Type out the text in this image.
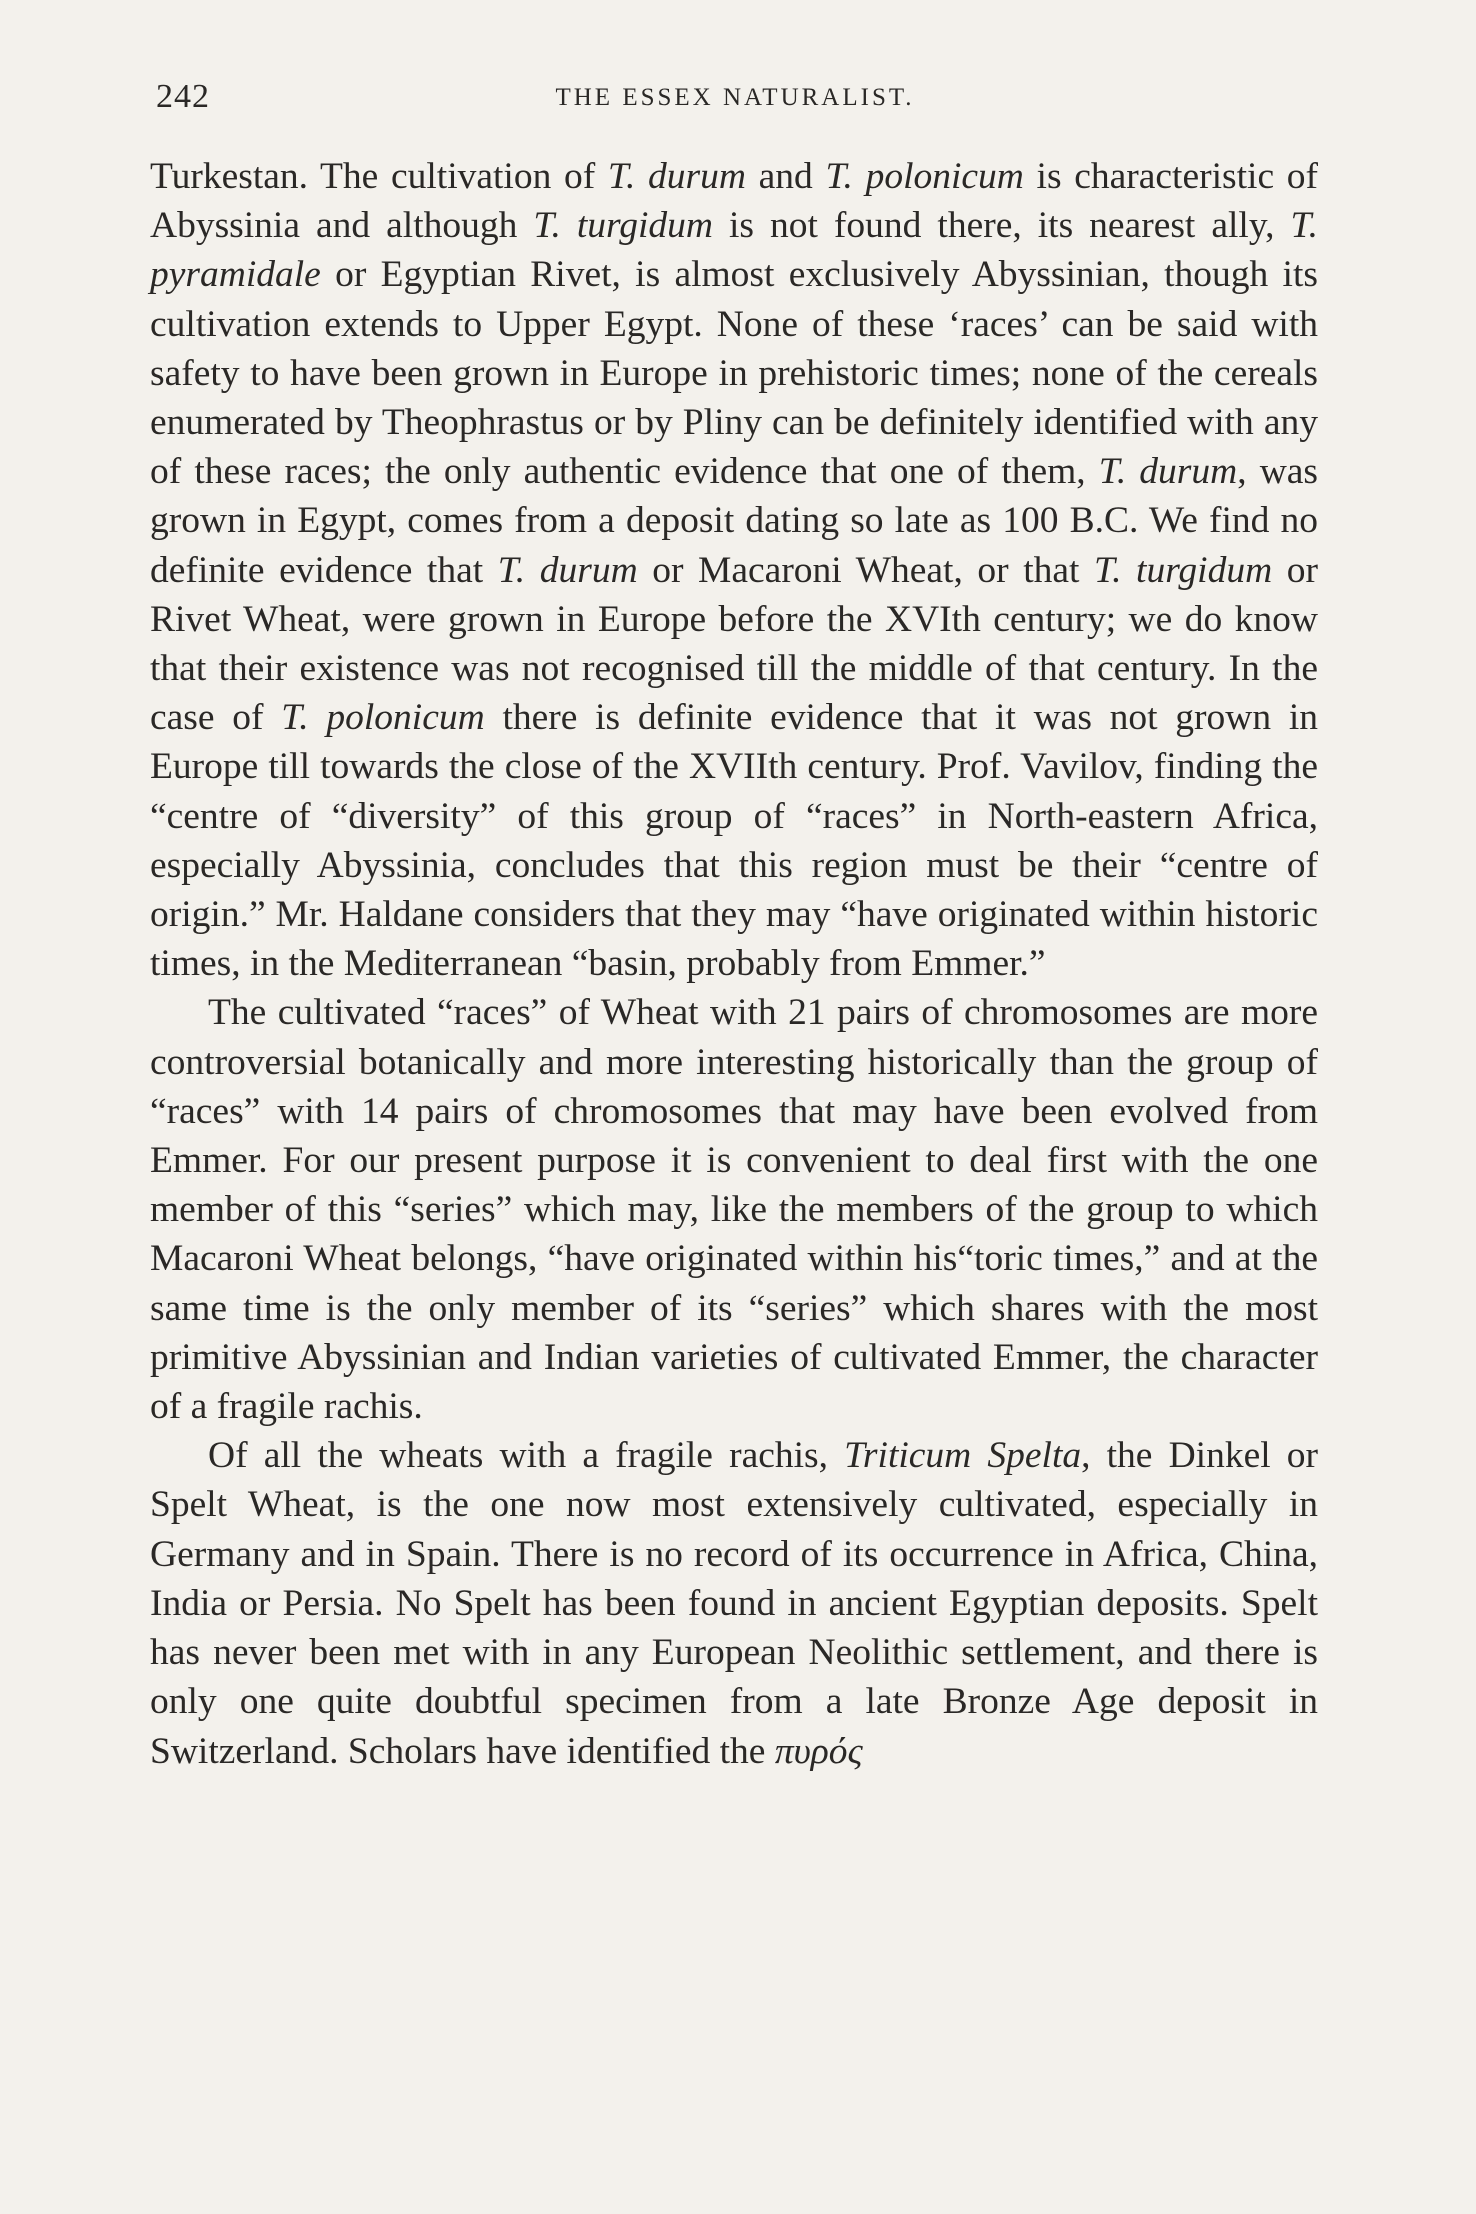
242	THE ESSEX NATURALIST.

Turkestan. The cultivation of T. durum and T. polonicum is characteristic of Abyssinia and although T. turgidum is not found there, its nearest ally, T. pyramidale or Egyptian Rivet, is almost exclusively Abyssinian, though its cultivation extends to Upper Egypt. None of these ‘races’ can be said with safety to have been grown in Europe in prehistoric times; none of the cereals enumerated by Theophrastus or by Pliny can be definitely identified with any of these races; the only authentic evidence that one of them, T. durum, was grown in Egypt, comes from a deposit dating so late as 100 B.C. We find no definite evidence that T. durum or Macaroni Wheat, or that T. turgidum or Rivet Wheat, were grown in Europe before the XVIth century; we do know that their existence was not recognised till the middle of that century. In the case of T. polonicum there is definite evidence that it was not grown in Europe till towards the close of the XVIIth century. Prof. Vavilov, finding the “centre of “diversity” of this group of “races” in North-eastern Africa, especially Abyssinia, concludes that this region must be their “centre of origin.” Mr. Haldane considers that they may “have originated within historic times, in the Mediterranean “basin, probably from Emmer.”

The cultivated “races” of Wheat with 21 pairs of chromosomes are more controversial botanically and more interesting historically than the group of “races” with 14 pairs of chromosomes that may have been evolved from Emmer. For our present purpose it is convenient to deal first with the one member of this “series” which may, like the members of the group to which Macaroni Wheat belongs, “have originated within his“toric times,” and at the same time is the only member of its “series” which shares with the most primitive Abyssinian and Indian varieties of cultivated Emmer, the character of a fragile rachis.

Of all the wheats with a fragile rachis, Triticum Spelta, the Dinkel or Spelt Wheat, is the one now most extensively cultivated, especially in Germany and in Spain. There is no record of its occurrence in Africa, China, India or Persia. No Spelt has been found in ancient Egyptian deposits. Spelt has never been met with in any European Neolithic settlement, and there is only one quite doubtful specimen from a late Bronze Age deposit in Switzerland. Scholars have identified the πυρός
